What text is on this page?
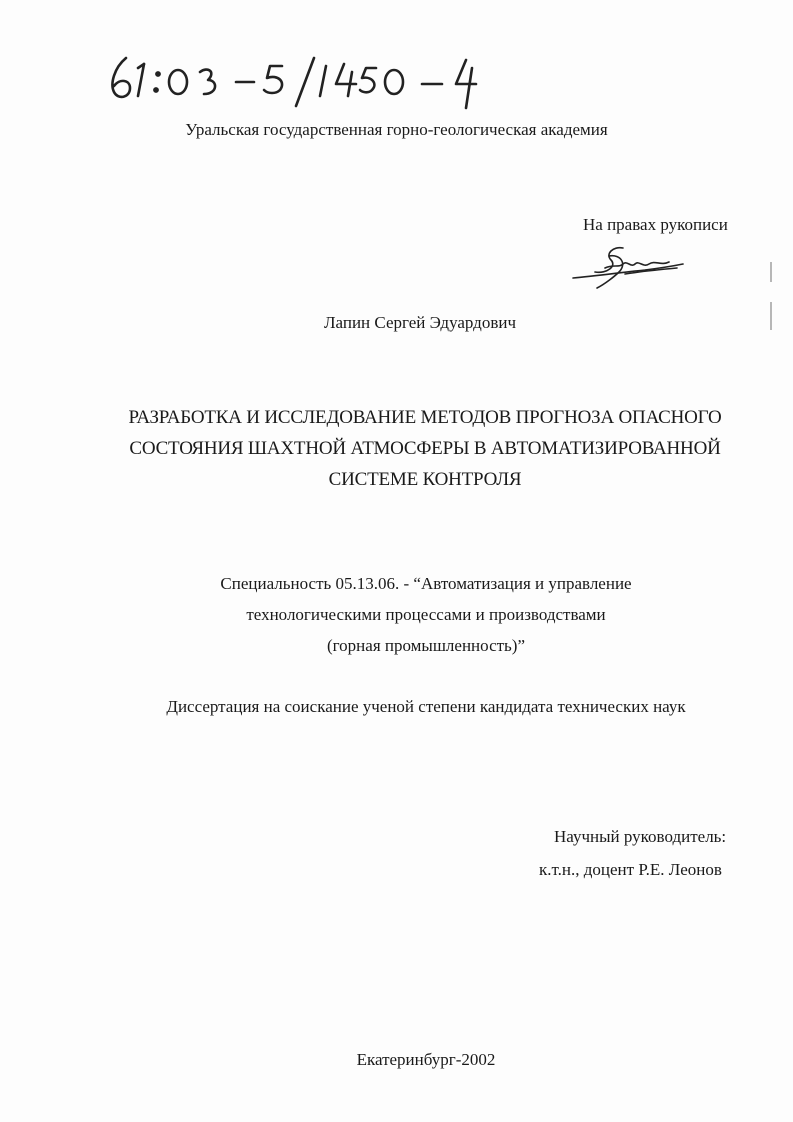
Уральская государственная горно-геологическая академия

На правах рукописи

Лапин Сергей Эдуардович

РАЗРАБОТКА И ИССЛЕДОВАНИЕ МЕТОДОВ ПРОГНОЗА ОПАСНОГО
СОСТОЯНИЯ ШАХТНОЙ АТМОСФЕРЫ В АВТОМАТИЗИРОВАННОЙ
СИСТЕМЕ КОНТРОЛЯ
Специальность 05.13.06. - “Автоматизация и управление
технологическими процессами и производствами
(горная промышленность)”

Диссертация на соискание ученой степени кандидата технических наук

Научный руководитель:

к.т.н., доцент Р.Е. Леонов

Екатеринбург-2002
